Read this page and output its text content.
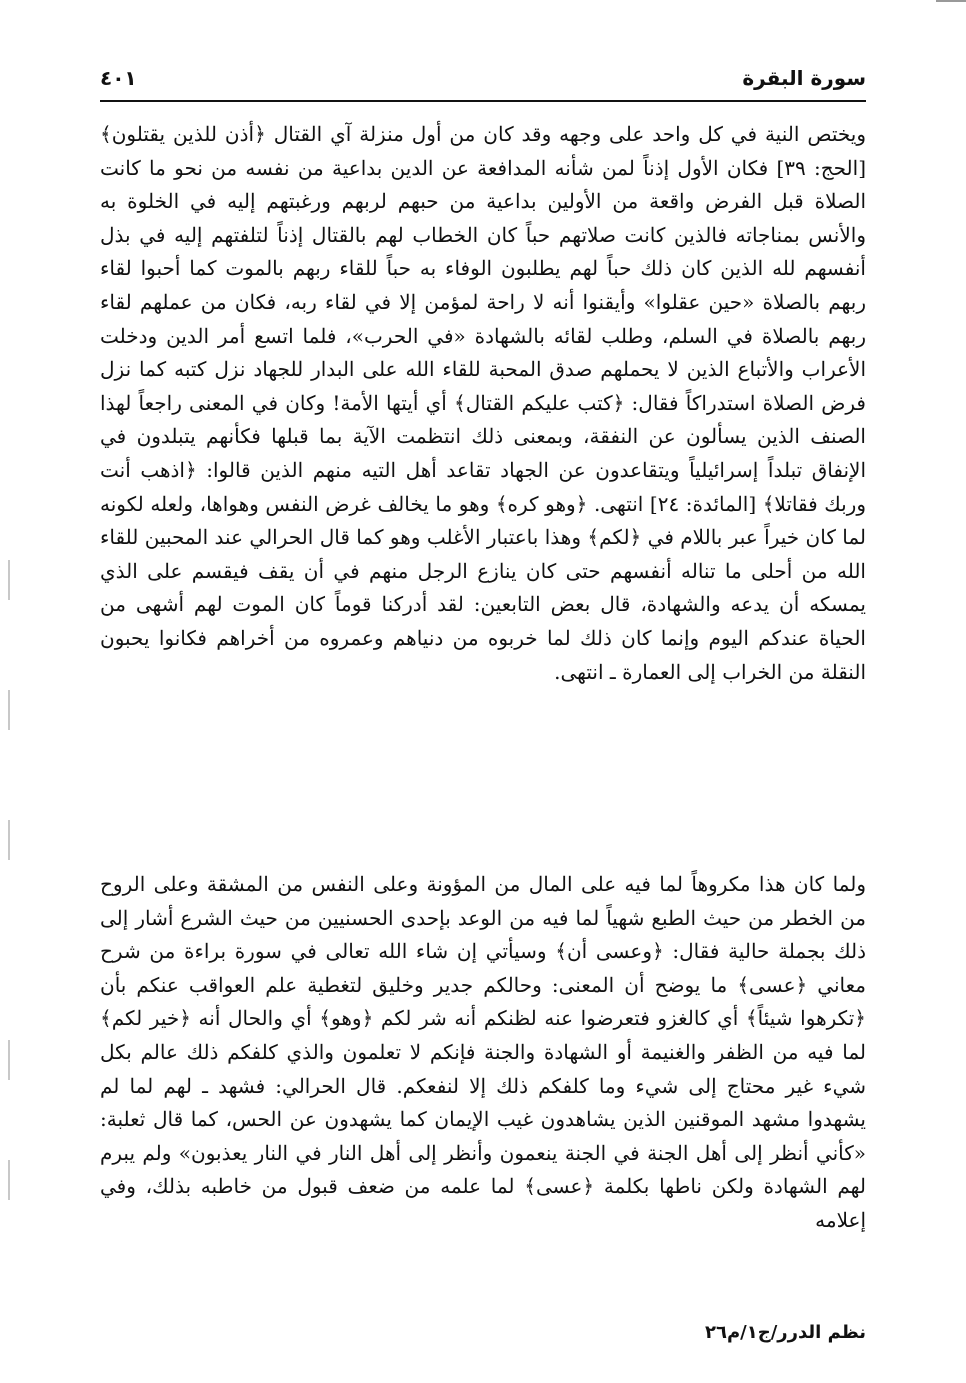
سورة البقرة
٤٠١

ويختص النية في كل واحد على وجهه وقد كان من أول منزلة آي القتال ﴿أذن للذين يقتلون﴾ [الحج: ٣٩] فكان الأول إذناً لمن شأنه المدافعة عن الدين بداعية من نفسه من نحو ما كانت الصلاة قبل الفرض واقعة من الأولين بداعية من حبهم لربهم ورغبتهم إليه في الخلوة به والأنس بمناجاته فالذين كانت صلاتهم حباً كان الخطاب لهم بالقتال إذناً لتلفتهم إليه في بذل أنفسهم لله الذين كان ذلك حباً لهم يطلبون الوفاء به حباً للقاء ربهم بالموت كما أحبوا لقاء ربهم بالصلاة «حين عقلوا» وأيقنوا أنه لا راحة لمؤمن إلا في لقاء ربه، فكان من عملهم لقاء ربهم بالصلاة في السلم، وطلب لقائه بالشهادة «في الحرب»، فلما اتسع أمر الدين ودخلت الأعراب والأتباع الذين لا يحملهم صدق المحبة للقاء الله على البدار للجهاد نزل كتبه كما نزل فرض الصلاة استدراكاً فقال: ﴿كتب عليكم القتال﴾ أي أيتها الأمة! وكان في المعنى راجعاً لهذا الصنف الذين يسألون عن النفقة، وبمعنى ذلك انتظمت الآية بما قبلها فكأنهم يتبلدون في الإنفاق تبلداً إسرائيلياً ويتقاعدون عن الجهاد تقاعد أهل التيه منهم الذين قالوا: ﴿اذهب أنت وربك فقاتلا﴾ [المائدة: ٢٤] انتهى. ﴿وهو كره﴾ وهو ما يخالف غرض النفس وهواها، ولعله لكونه لما كان خيراً عبر باللام في ﴿لكم﴾ وهذا باعتبار الأغلب وهو كما قال الحرالي عند المحبين للقاء الله من أحلى ما تناله أنفسهم حتى كان ينازع الرجل منهم في أن يقف فيقسم على الذي يمسكه أن يدعه والشهادة، قال بعض التابعين: لقد أدركنا قوماً كان الموت لهم أشهى من الحياة عندكم اليوم وإنما كان ذلك لما خربوه من دنياهم وعمروه من أخراهم فكانوا يحبون النقلة من الخراب إلى العمارة ـ انتهى.

ولما كان هذا مكروهاً لما فيه على المال من المؤونة وعلى النفس من المشقة وعلى الروح من الخطر من حيث الطبع شهياً لما فيه من الوعد بإحدى الحسنيين من حيث الشرع أشار إلى ذلك بجملة حالية فقال: ﴿وعسى أن﴾ وسيأتي إن شاء الله تعالى في سورة براءة من شرح معاني ﴿عسى﴾ ما يوضح أن المعنى: وحالكم جدير وخليق لتغطية علم العواقب عنكم بأن ﴿تكرهوا شيئاً﴾ أي كالغزو فتعرضوا عنه لظنكم أنه شر لكم ﴿وهو﴾ أي والحال أنه ﴿خير لكم﴾ لما فيه من الظفر والغنيمة أو الشهادة والجنة فإنكم لا تعلمون والذي كلفكم ذلك عالم بكل شيء غير محتاج إلى شيء وما كلفكم ذلك إلا لنفعكم. قال الحرالي: فشهد ـ لهم لما لم يشهدوا مشهد الموقنين الذين يشاهدون غيب الإيمان كما يشهدون عن الحس، كما قال ثعلبة: «كأني أنظر إلى أهل الجنة في الجنة ينعمون وأنظر إلى أهل النار في النار يعذبون» ولم يبرم لهم الشهادة ولكن ناطها بكلمة ﴿عسى﴾ لما علمه من ضعف قبول من خاطبه بذلك، وفي إعلامه

نظم الدرر/ج١/م٢٦
